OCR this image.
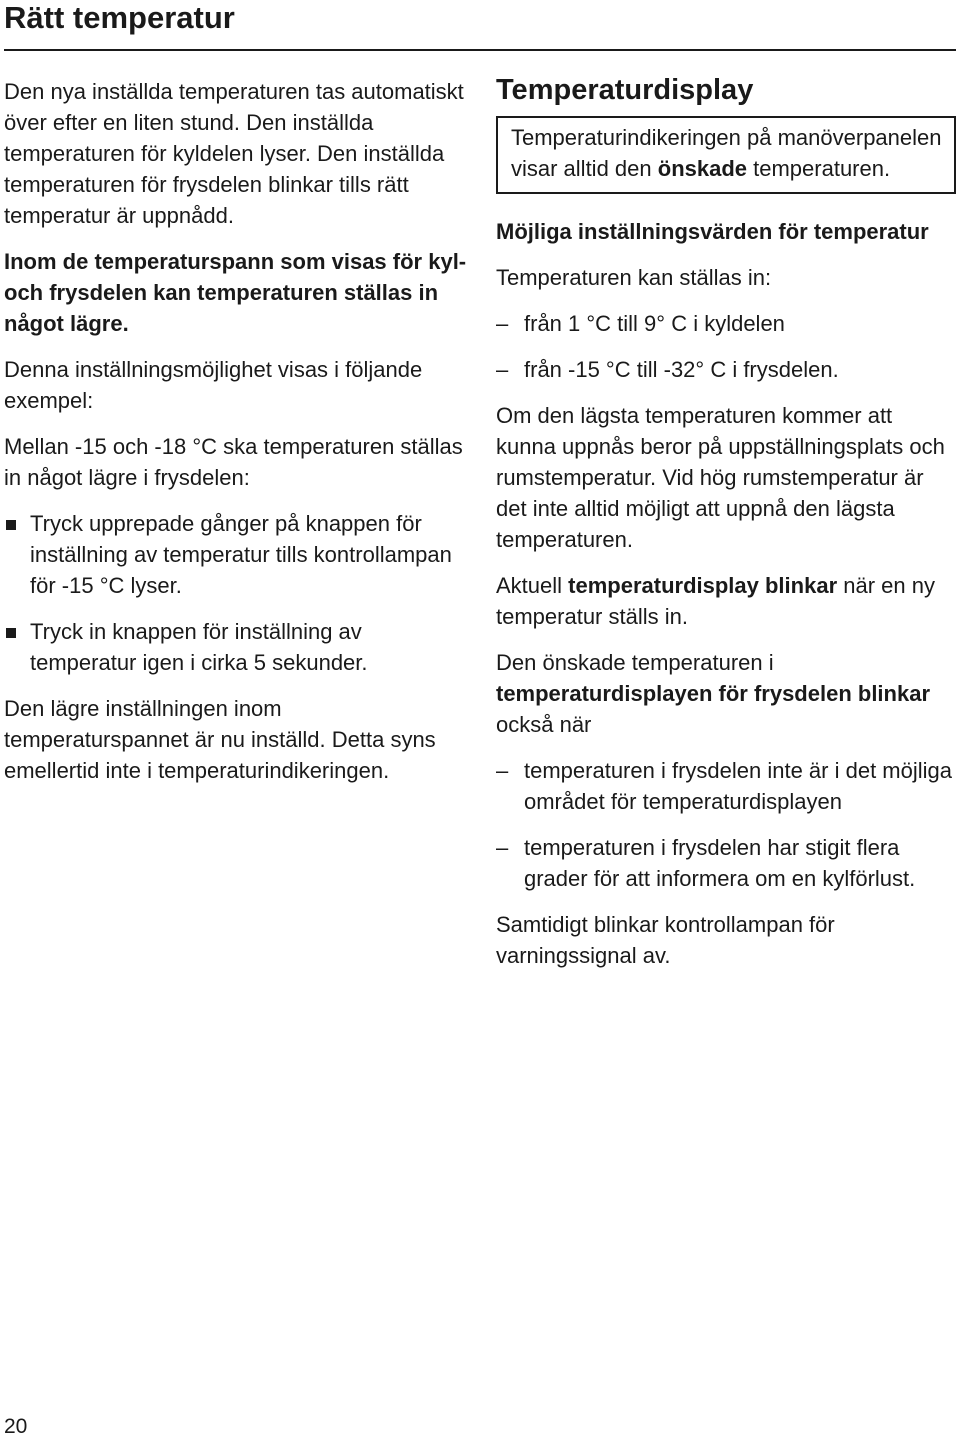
Rätt temperatur

Den nya inställda temperaturen tas automatiskt över efter en liten stund. Den inställda temperaturen för kyldelen lyser. Den inställda temperaturen för frysdelen blinkar tills rätt temperatur är uppnådd.

Inom de temperaturspann som visas för kyl- och frysdelen kan temperaturen ställas in något lägre.

Denna inställningsmöjlighet visas i följande exempel:

Mellan -15 och -18 °C ska temperaturen ställas in något lägre i frysdelen:

Tryck upprepade gånger på knappen för inställning av temperatur tills kontrollampan för -15 °C lyser.
Tryck in knappen för inställning av temperatur igen i cirka 5 sekunder.

Den lägre inställningen inom temperaturspannet är nu inställd. Detta syns emellertid inte i temperaturindikeringen.

Temperaturdisplay

Temperaturindikeringen på manöverpanelen visar alltid den önskade temperaturen.

Möjliga inställningsvärden för temperatur

Temperaturen kan ställas in:

– från 1 °C till 9° C i kyldelen
– från -15 °C till -32° C i frysdelen.

Om den lägsta temperaturen kommer att kunna uppnås beror på uppställningsplats och rumstemperatur. Vid hög rumstemperatur är det inte alltid möjligt att uppnå den lägsta temperaturen.

Aktuell temperaturdisplay blinkar när en ny temperatur ställs in.

Den önskade temperaturen i temperaturdisplayen för frysdelen blinkar också när

– temperaturen i frysdelen inte är i det möjliga området för temperaturdisplayen
– temperaturen i frysdelen har stigit flera grader för att informera om en kylförlust.

Samtidigt blinkar kontrollampan för varningssignal av.

20
